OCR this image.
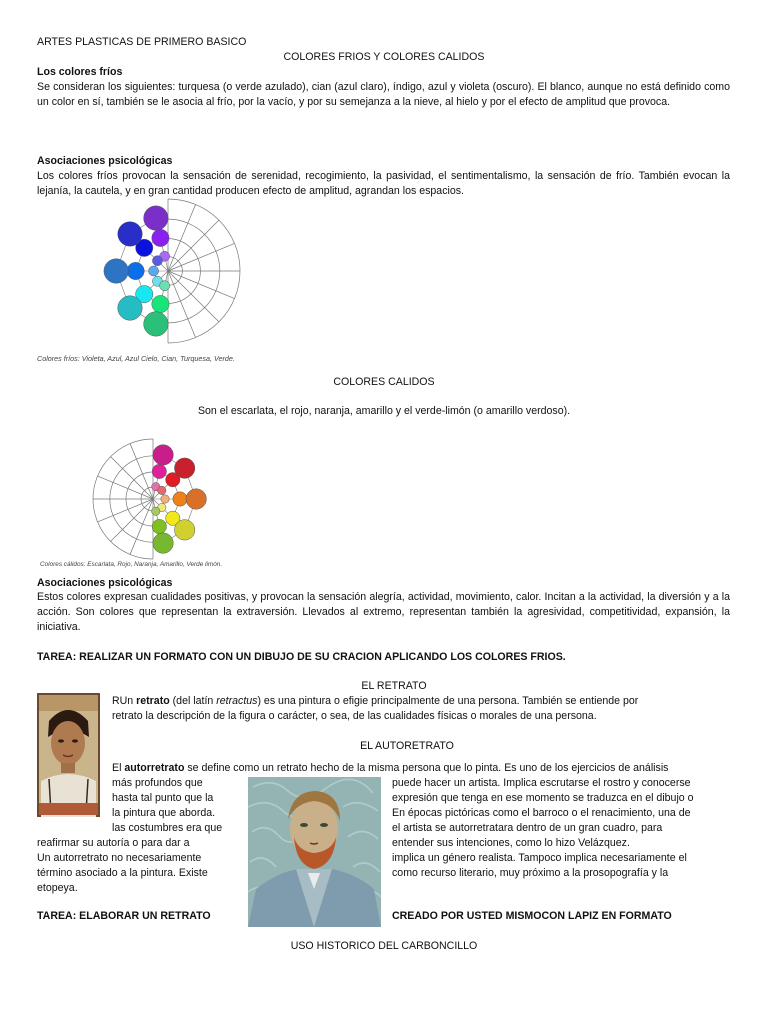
ARTES PLASTICAS DE PRIMERO BASICO
COLORES FRIOS Y COLORES CALIDOS
Los colores fríos
Se consideran los siguientes: turquesa (o verde azulado), cian (azul claro), índigo, azul y violeta (oscuro). El blanco, aunque no está definido como un color en sí, también se le asocia al frío, por la vacío, y por su semejanza a la nieve, al hielo y por el efecto de amplitud que provoca.
Asociaciones psicológicas
Los colores fríos provocan la sensación de serenidad, recogimiento, la pasividad, el sentimentalismo, la sensación de frío. También evocan la lejanía, la cautela, y en gran cantidad producen efecto de amplitud, agrandan los espacios.
Colores fríos: Violeta, Azul, Azul Cielo, Cian, Turquesa, Verde.
COLORES CALIDOS
Son el escarlata, el rojo, naranja, amarillo y el verde-limón (o amarillo verdoso).
Colores cálidos: Escarlata, Rojo, Naranja, Amarillo, Verde limón.
Asociaciones psicológicas
Estos colores expresan cualidades positivas, y provocan la sensación alegría, actividad, movimiento, calor. Incitan a la actividad, la diversión y a la acción. Son colores que representan la extraversión. Llevados al extremo, representan también la agresividad, competitividad, expansión, la iniciativa.
TAREA: REALIZAR UN FORMATO CON UN DIBUJO DE SU CRACION APLICANDO LOS COLORES FRIOS.
EL RETRATO
RUn retrato (del latín retractus) es una pintura o efigie principalmente de una persona. También se entiende por
retrato la descripción de la figura o carácter, o sea, de las cualidades físicas o morales de una persona.
EL AUTORETRATO
El autorretrato se define como un retrato hecho de la misma persona que lo pinta. Es uno de los ejercicios de análisis
más profundos que
hasta tal punto que la
la pintura que aborda.
las costumbres era que
reafirmar su autoría o para dar a
Un autorretrato no necesariamente
término asociado a la pintura. Existe
etopeya.
puede hacer un artista. Implica escrutarse el rostro y conocerse
expresión que tenga en ese momento se traduzca en el dibujo o
En épocas pictóricas como el barroco o el renacimiento, una de
el artista se autorretratara dentro de un gran cuadro, para
entender sus intenciones, como lo hizo Velázquez.
implica un género realista. Tampoco implica necesariamente el
como recurso literario, muy próximo a la prosopografía y la
TAREA: ELABORAR UN RETRATO	CREADO POR USTED MISMOCON LAPIZ EN FORMATO
USO HISTORICO DEL CARBONCILLO
